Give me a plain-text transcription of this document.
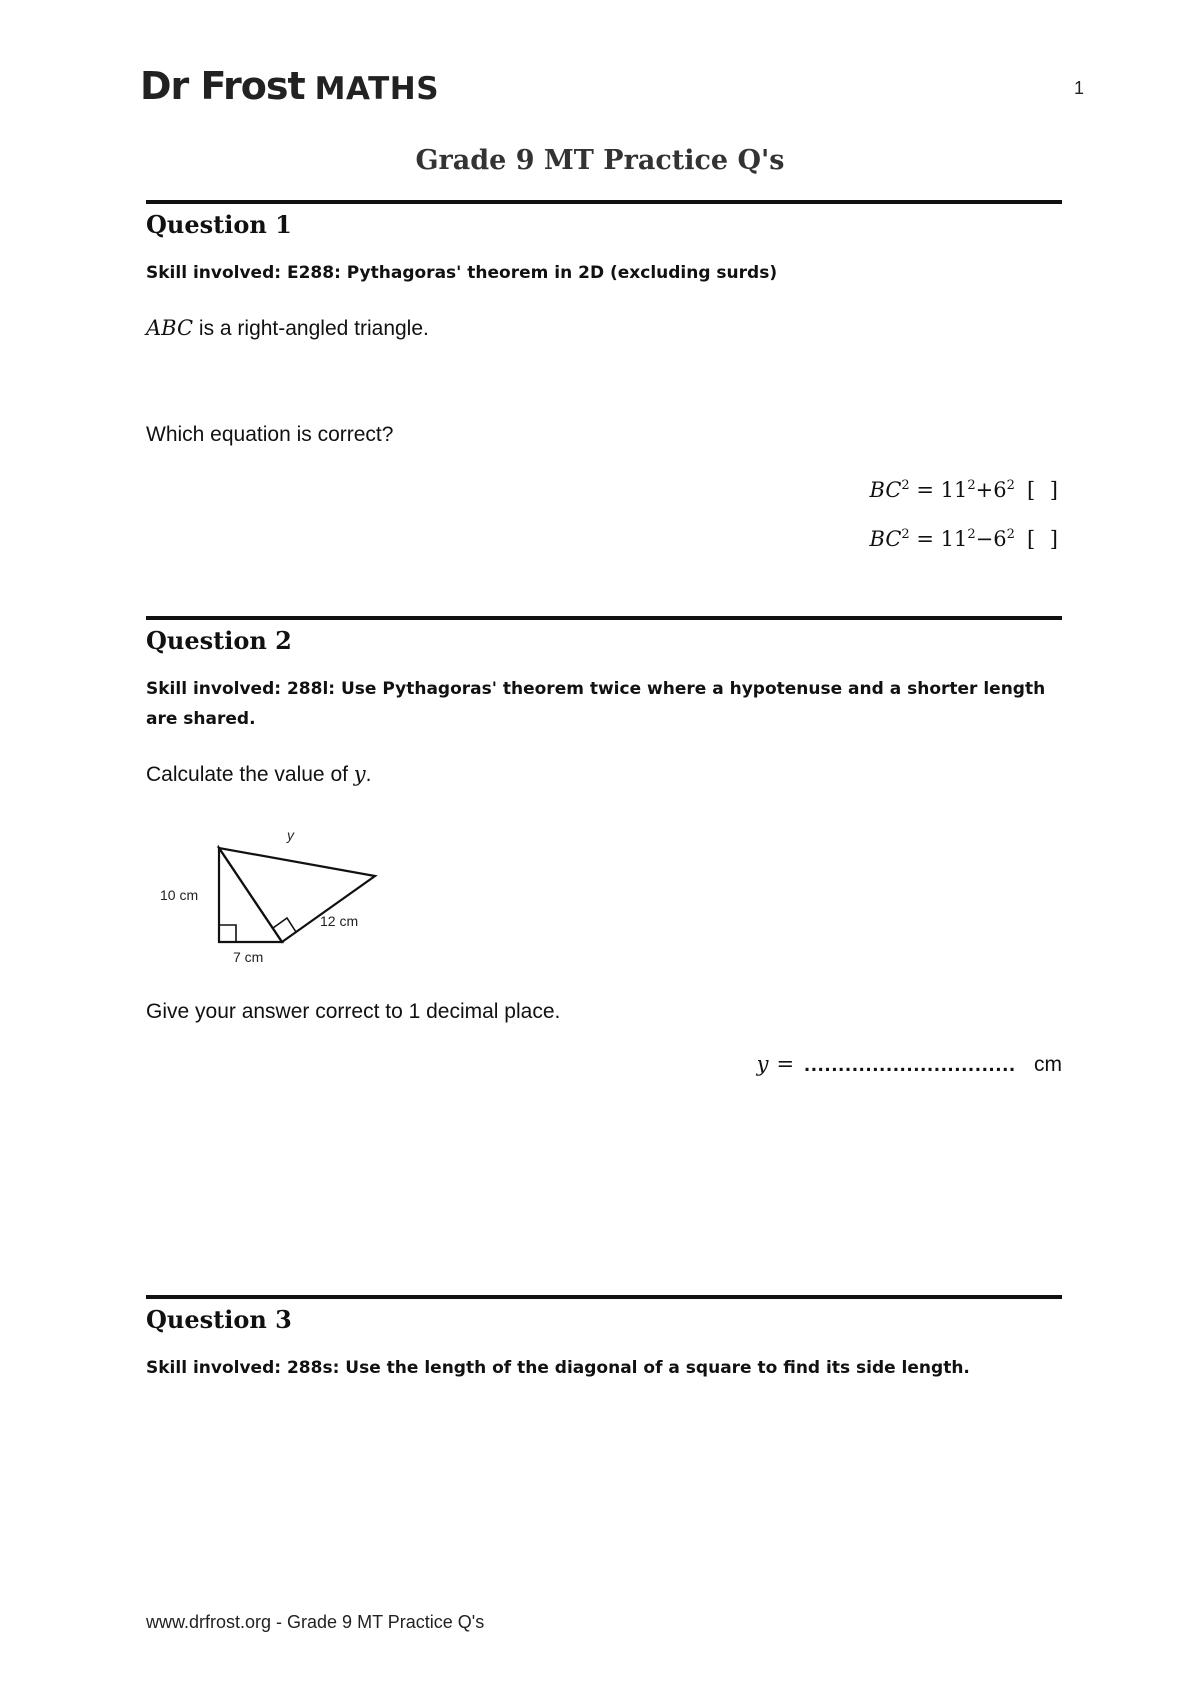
Dr Frost MATHS	1
Grade 9 MT Practice Q's
Question 1
Skill involved: E288: Pythagoras' theorem in 2D (excluding surds)
ABC is a right-angled triangle.
Which equation is correct?
$BC^2 = 11^2+6^2$ [ ]
$BC^2 = 11^2-6^2$ [ ]
Question 2
Skill involved: 288l: Use Pythagoras' theorem twice where a hypotenuse and a shorter length are shared.
Calculate the value of y.
y
10 cm
7 cm
12 cm
Give your answer correct to 1 decimal place.
y = ............................... cm
Question 3
Skill involved: 288s: Use the length of the diagonal of a square to find its side length.
www.drfrost.org - Grade 9 MT Practice Q's
